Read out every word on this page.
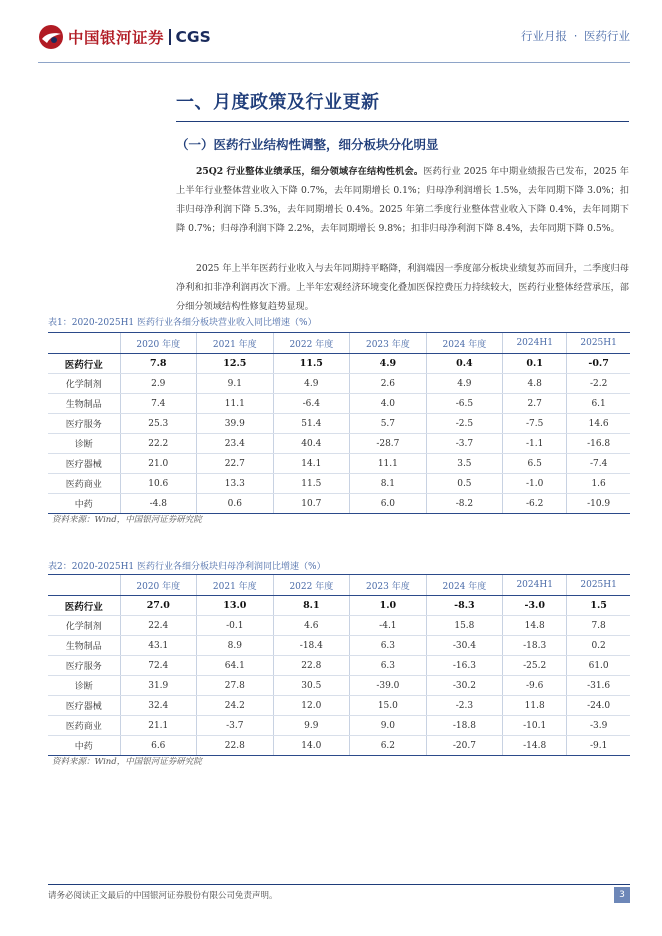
中国银河证券 CGS	行业月报 · 医药行业
一、月度政策及行业更新
（一）医药行业结构性调整，细分板块分化明显

25Q2 行业整体业绩承压，细分领域存在结构性机会。医药行业 2025 年中期业绩报告已发布，2025 年上半年行业整体营业收入下降 0.7%，去年同期增长 0.1%；归母净利润增长 1.5%，去年同期下降 3.0%；扣非归母净利润下降 5.3%，去年同期增长 0.4%。2025 年第二季度行业整体营业收入下降 0.4%，去年同期下降 0.7%；归母净利润下降 2.2%，去年同期增长 9.8%；扣非归母净利润下降 8.4%，去年同期下降 0.5%。

2025 年上半年医药行业收入与去年同期持平略降，利润端因一季度部分板块业绩复苏而回升，二季度归母净利和扣非净利润再次下滑。上半年宏观经济环境变化叠加医保控费压力持续较大，医药行业整体经营承压，部分细分领域结构性修复趋势显现。

表1：2020-2025H1 医药行业各细分板块营业收入同比增速（%）
	2020 年度	2021 年度	2022 年度	2023 年度	2024 年度	2024H1	2025H1
医药行业	7.8	12.5	11.5	4.9	0.4	0.1	-0.7
化学制剂	2.9	9.1	4.9	2.6	4.9	4.8	-2.2
生物制品	7.4	11.1	-6.4	4.0	-6.5	2.7	6.1
医疗服务	25.3	39.9	51.4	5.7	-2.5	-7.5	14.6
诊断	22.2	23.4	40.4	-28.7	-3.7	-1.1	-16.8
医疗器械	21.0	22.7	14.1	11.1	3.5	6.5	-7.4
医药商业	10.6	13.3	11.5	8.1	0.5	-1.0	1.6
中药	-4.8	0.6	10.7	6.0	-8.2	-6.2	-10.9
资料来源：Wind，中国银河证券研究院
表2：2020-2025H1 医药行业各细分板块归母净利润同比增速（%）
	2020 年度	2021 年度	2022 年度	2023 年度	2024 年度	2024H1	2025H1
医药行业	27.0	13.0	8.1	1.0	-8.3	-3.0	1.5
化学制剂	22.4	-0.1	4.6	-4.1	15.8	14.8	7.8
生物制品	43.1	8.9	-18.4	6.3	-30.4	-18.3	0.2
医疗服务	72.4	64.1	22.8	6.3	-16.3	-25.2	61.0
诊断	31.9	27.8	30.5	-39.0	-30.2	-9.6	-31.6
医疗器械	32.4	24.2	12.0	15.0	-2.3	11.8	-24.0
医药商业	21.1	-3.7	9.9	9.0	-18.8	-10.1	-3.9
中药	6.6	22.8	14.0	6.2	-20.7	-14.8	-9.1
资料来源：Wind，中国银河证券研究院
请务必阅读正文最后的中国银河证券股份有限公司免责声明。	3
